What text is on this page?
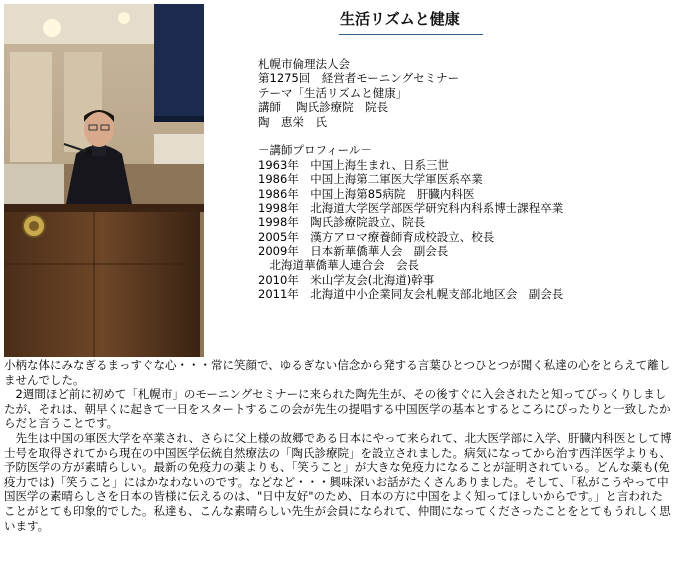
生活リズムと健康
札幌市倫理法人会
第1275回　経営者モーニングセミナー
テーマ「生活リズムと健康」
講師　 陶氏診療院　院長
陶　恵栄　氏
－講師プロフィール－
1963年　中国上海生まれ、日系三世
1986年　中国上海第二軍医大学軍医系卒業
1986年　中国上海第85病院　肝臓内科医
1998年　北海道大学医学部医学研究科内科系博士課程卒業
1998年　陶氏診療院設立、院長
2005年　漢方アロマ療養師育成校設立、校長
2009年　日本新華僑華人会　副会長
　北海道華僑華人連合会　会長
2010年　米山学友会(北海道)幹事
2011年　北海道中小企業同友会札幌支部北地区会　副会長

小柄な体にみなぎるまっすぐな心・・・常に笑顔で、ゆるぎない信念から発する言葉ひとつひとつが聞く私達の心をとらえて離しませんでした。

　2週間ほど前に初めて「札幌市」のモーニングセミナーに来られた陶先生が、その後すぐに入会されたと知ってびっくりしましたが、それは、朝早くに起きて一日をスタートするこの会が先生の提唱する中国医学の基本とするところにぴったりと一致したからだと言うことです。

　先生は中国の軍医大学を卒業され、さらに父上様の故郷である日本にやって来られて、北大医学部に入学、肝臓内科医として博士号を取得されてから現在の中国医学伝統自然療法の「陶氏診療院」を設立されました。病気になってから治す西洋医学よりも、予防医学の方が素晴らしい。最新の免疫力の薬よりも、「笑うこと」が大きな免疫力になることが証明されている。どんな薬も(免疫力では)「笑うこと」にはかなわないのです。などなど・・・興味深いお話がたくさんありました。そして、「私がこうやって中国医学の素晴らしさを日本の皆様に伝えるのは、"日中友好"のため、日本の方に中国をよく知ってほしいからです。」と言われたことがとても印象的でした。私達も、こんな素晴らしい先生が会員になられて、仲間になってくださったことをとてもうれしく思います。
